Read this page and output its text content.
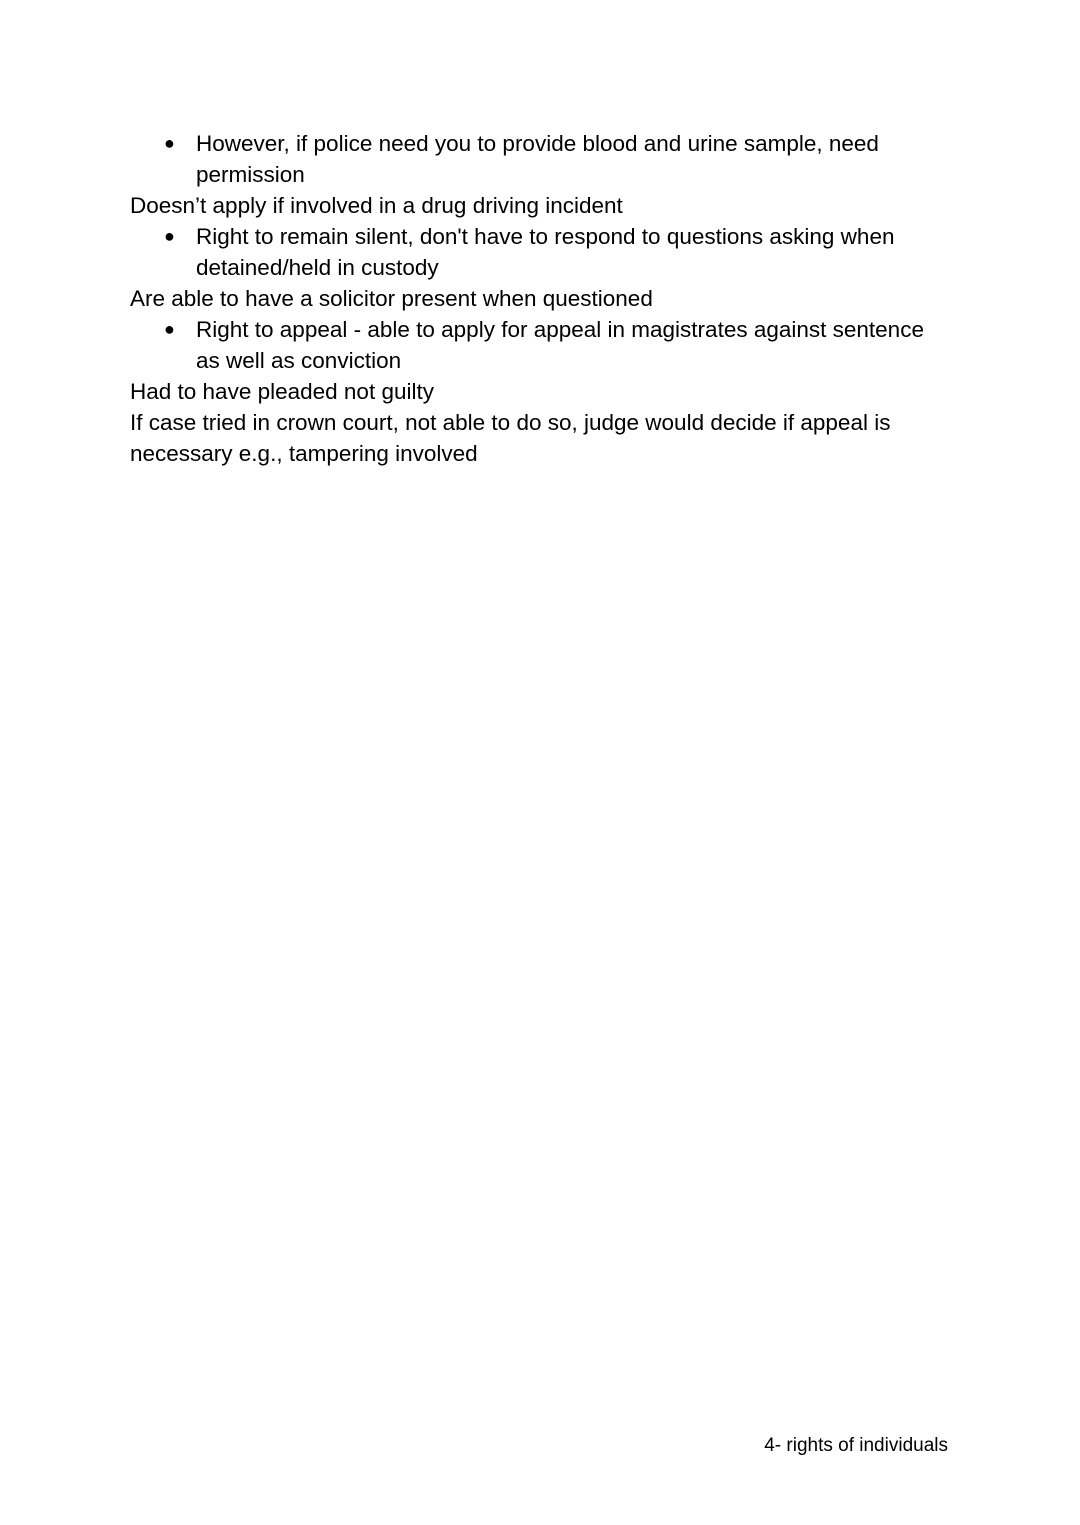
● However, if police need you to provide blood and urine sample, need permission

Doesn’t apply if involved in a drug driving incident

● Right to remain silent, don't have to respond to questions asking when detained/held in custody

Are able to have a solicitor present when questioned

● Right to appeal - able to apply for appeal in magistrates against sentence as well as conviction

Had to have pleaded not guilty

If case tried in crown court, not able to do so, judge would decide if appeal is necessary e.g., tampering involved

4- rights of individuals
